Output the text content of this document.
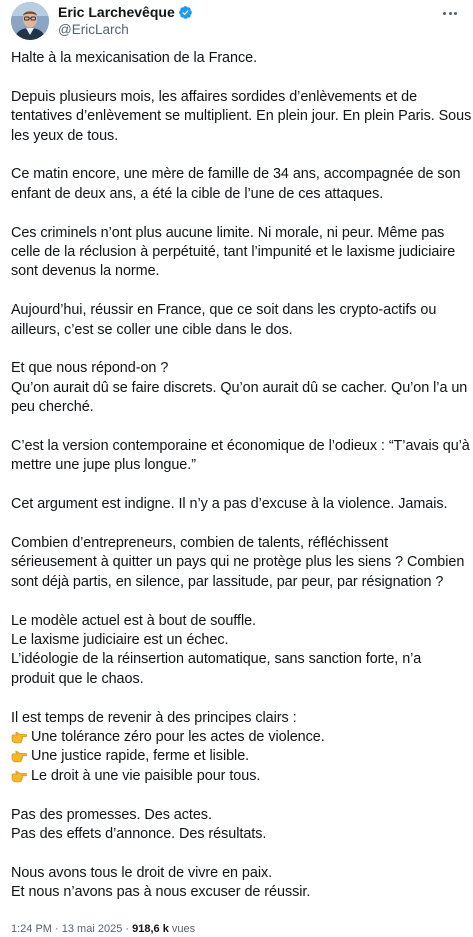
Eric Larchevêque
@EricLarch

Halte à la mexicanisation de la France.

Depuis plusieurs mois, les affaires sordides d’enlèvements et de
tentatives d’enlèvement se multiplient. En plein jour. En plein Paris. Sous
les yeux de tous.

Ce matin encore, une mère de famille de 34 ans, accompagnée de son
enfant de deux ans, a été la cible de l’une de ces attaques.

Ces criminels n’ont plus aucune limite. Ni morale, ni peur. Même pas
celle de la réclusion à perpétuité, tant l’impunité et le laxisme judiciaire
sont devenus la norme.

Aujourd’hui, réussir en France, que ce soit dans les crypto-actifs ou
ailleurs, c’est se coller une cible dans le dos.

Et que nous répond-on ?
Qu’on aurait dû se faire discrets. Qu’on aurait dû se cacher. Qu’on l’a un
peu cherché.

C’est la version contemporaine et économique de l’odieux : “T’avais qu’à
mettre une jupe plus longue.”

Cet argument est indigne. Il n’y a pas d’excuse à la violence. Jamais.

Combien d’entrepreneurs, combien de talents, réfléchissent
sérieusement à quitter un pays qui ne protège plus les siens ? Combien
sont déjà partis, en silence, par lassitude, par peur, par résignation ?

Le modèle actuel est à bout de souffle.
Le laxisme judiciaire est un échec.
L’idéologie de la réinsertion automatique, sans sanction forte, n’a
produit que le chaos.

Il est temps de revenir à des principes clairs :
Une tolérance zéro pour les actes de violence.
Une justice rapide, ferme et lisible.
Le droit à une vie paisible pour tous.

Pas des promesses. Des actes.
Pas des effets d’annonce. Des résultats.

Nous avons tous le droit de vivre en paix.
Et nous n’avons pas à nous excuser de réussir.

1:24 PM · 13 mai 2025 · 918,6 k vues
